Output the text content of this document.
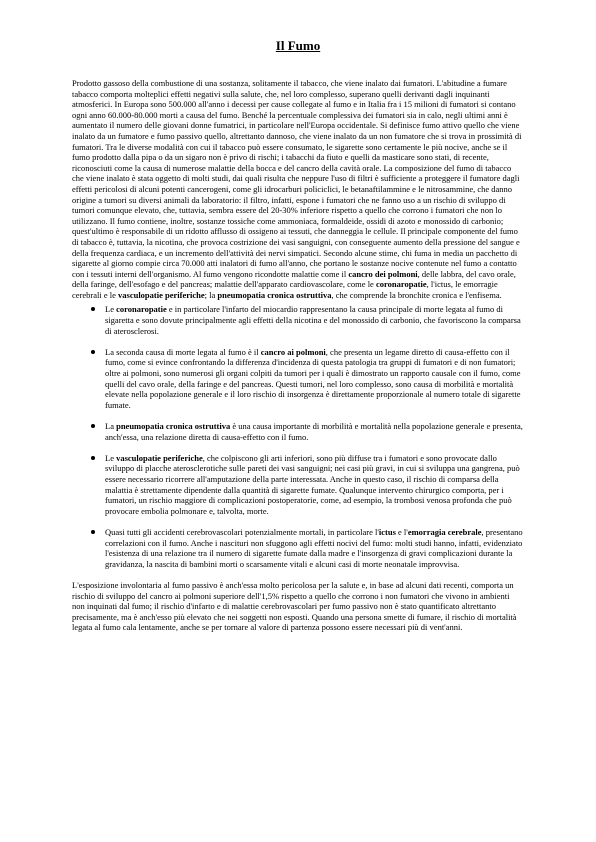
Il Fumo

Prodotto gassoso della combustione di una sostanza, solitamente il tabacco, che viene inalato dai fumatori. L'abitudine a fumare tabacco comporta molteplici effetti negativi sulla salute, che, nel loro complesso, superano quelli derivanti dagli inquinanti atmosferici. In Europa sono 500.000 all'anno i decessi per cause collegate al fumo e in Italia fra i 15 milioni di fumatori si contano ogni anno 60.000-80.000 morti a causa del fumo. Benché la percentuale complessiva dei fumatori sia in calo, negli ultimi anni è aumentato il numero delle giovani donne fumatrici, in particolare nell'Europa occidentale. Si definisce fumo attivo quello che viene inalato da un fumatore e fumo passivo quello, altrettanto dannoso, che viene inalato da un non fumatore che si trova in prossimità di fumatori. Tra le diverse modalità con cui il tabacco può essere consumato, le sigarette sono certamente le più nocive, anche se il fumo prodotto dalla pipa o da un sigaro non è privo di rischi; i tabacchi da fiuto e quelli da masticare sono stati, di recente, riconosciuti come la causa di numerose malattie della bocca e del cancro della cavità orale. La composizione del fumo di tabacco che viene inalato è stata oggetto di molti studi, dai quali risulta che neppure l'uso di filtri è sufficiente a proteggere il fumatore dagli effetti pericolosi di alcuni potenti cancerogeni, come gli idrocarburi policiclici, le betanaftilammine e le nitrosammine, che danno origine a tumori su diversi animali da laboratorio: il filtro, infatti, espone i fumatori che ne fanno uso a un rischio di sviluppo di tumori comunque elevato, che, tuttavia, sembra essere del 20-30% inferiore rispetto a quello che corrono i fumatori che non lo utilizzano. Il fumo contiene, inoltre, sostanze tossiche come ammoniaca, formaldeide, ossidi di azoto e monossido di carbonio; quest'ultimo è responsabile di un ridotto afflusso di ossigeno ai tessuti, che danneggia le cellule. Il principale componente del fumo di tabacco è, tuttavia, la nicotina, che provoca costrizione dei vasi sanguigni, con conseguente aumento della pressione del sangue e della frequenza cardiaca, e un incremento dell'attività dei nervi simpatici. Secondo alcune stime, chi fuma in media un pacchetto di sigarette al giorno compie circa 70.000 atti inalatori di fumo all'anno, che portano le sostanze nocive contenute nel fumo a contatto con i tessuti interni dell'organismo. Al fumo vengono ricondotte malattie come il cancro dei polmoni, delle labbra, del cavo orale, della faringe, dell'esofago e del pancreas; malattie dell'apparato cardiovascolare, come le coronaropatie, l'ictus, le emorragie cerebrali e le vasculopatie periferiche; la pneumopatia cronica ostruttiva, che comprende la bronchite cronica e l'enfisema.

Le coronaropatie e in particolare l'infarto del miocardio rappresentano la causa principale di morte legata al fumo di sigaretta e sono dovute principalmente agli effetti della nicotina e del monossido di carbonio, che favoriscono la comparsa di aterosclerosi.
La seconda causa di morte legata al fumo è il cancro ai polmoni, che presenta un legame diretto di causa-effetto con il fumo, come si evince confrontando la differenza d'incidenza di questa patologia tra gruppi di fumatori e di non fumatori; oltre ai polmoni, sono numerosi gli organi colpiti da tumori per i quali è dimostrato un rapporto causale con il fumo, come quelli del cavo orale, della faringe e del pancreas. Questi tumori, nel loro complesso, sono causa di morbilità e mortalità elevate nella popolazione generale e il loro rischio di insorgenza è direttamente proporzionale al numero totale di sigarette fumate.
La pneumopatia cronica ostruttiva è una causa importante di morbilità e mortalità nella popolazione generale e presenta, anch'essa, una relazione diretta di causa-effetto con il fumo.
Le vasculopatie periferiche, che colpiscono gli arti inferiori, sono più diffuse tra i fumatori e sono provocate dallo sviluppo di placche aterosclerotiche sulle pareti dei vasi sanguigni; nei casi più gravi, in cui si sviluppa una gangrena, può essere necessario ricorrere all'amputazione della parte interessata. Anche in questo caso, il rischio di comparsa della malattia è strettamente dipendente dalla quantità di sigarette fumate. Qualunque intervento chirurgico comporta, per i fumatori, un rischio maggiore di complicazioni postoperatorie, come, ad esempio, la trombosi venosa profonda che può provocare embolia polmonare e, talvolta, morte.
Quasi tutti gli accidenti cerebrovascolari potenzialmente mortali, in particolare l'ictus e l'emorragia cerebrale, presentano correlazioni con il fumo. Anche i nascituri non sfuggono agli effetti nocivi del fumo: molti studi hanno, infatti, evidenziato l'esistenza di una relazione tra il numero di sigarette fumate dalla madre e l'insorgenza di gravi complicazioni durante la gravidanza, la nascita di bambini morti o scarsamente vitali e alcuni casi di morte neonatale improvvisa.

L'esposizione involontaria al fumo passivo è anch'essa molto pericolosa per la salute e, in base ad alcuni dati recenti, comporta un rischio di sviluppo del cancro ai polmoni superiore dell'1,5% rispetto a quello che corrono i non fumatori che vivono in ambienti non inquinati dal fumo; il rischio d'infarto e di malattie cerebrovascolari per fumo passivo non è stato quantificato altrettanto precisamente, ma è anch'esso più elevato che nei soggetti non esposti. Quando una persona smette di fumare, il rischio di mortalità legata al fumo cala lentamente, anche se per tornare al valore di partenza possono essere necessari più di vent'anni.
